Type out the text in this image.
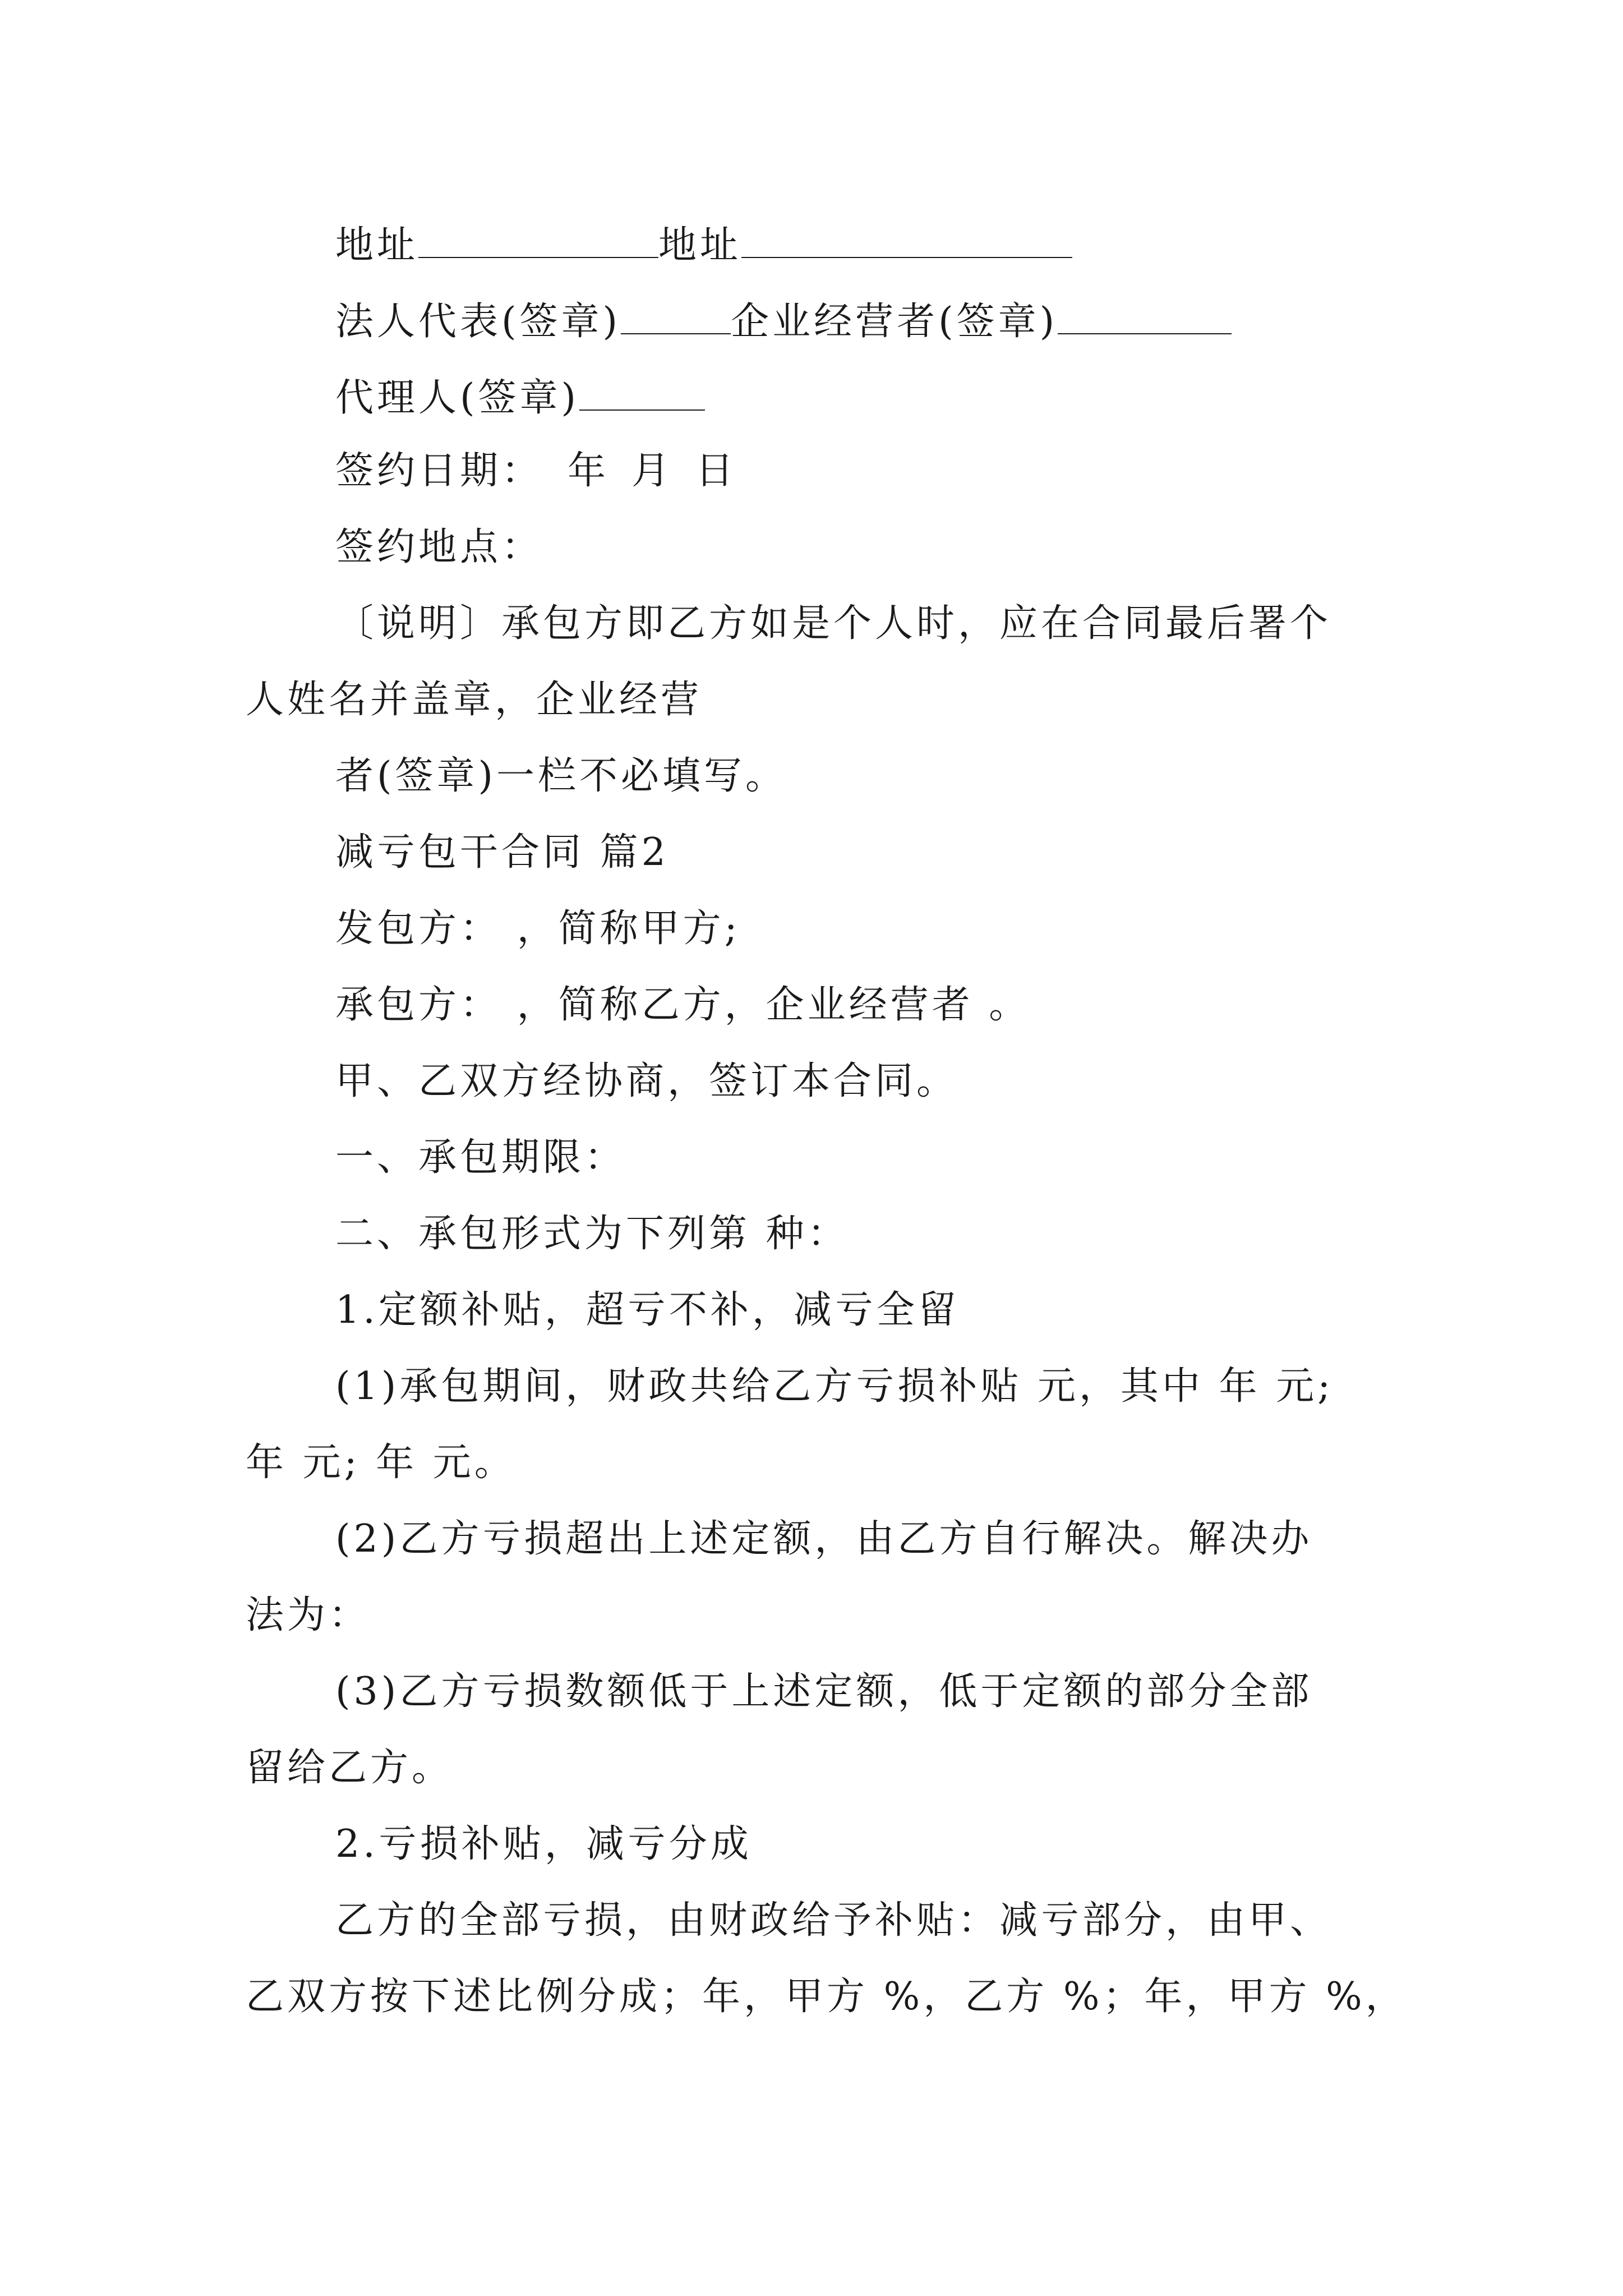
地址	地址
法人代表(签章)	企业经营者(签章)
代理人(签章)
签约日期： 年 月 日
签约地点：
〔说明〕承包方即乙方如是个人时，应在合同最后署个
人姓名并盖章，企业经营
者(签章)一栏不必填写。
减亏包干合同 篇2
发包方： ，简称甲方;
承包方： ，简称乙方，企业经营者 。
甲、乙双方经协商，签订本合同。
一、承包期限：
二、承包形式为下列第 种：
1.定额补贴，超亏不补，减亏全留
(1)承包期间，财政共给乙方亏损补贴 元，其中 年 元;
年 元; 年 元。
(2)乙方亏损超出上述定额，由乙方自行解决。解决办
法为：
(3)乙方亏损数额低于上述定额，低于定额的部分全部
留给乙方。
2.亏损补贴，减亏分成
乙方的全部亏损，由财政给予补贴：减亏部分，由甲、
乙双方按下述比例分成；年，甲方 %，乙方 %；年，甲方 %，
